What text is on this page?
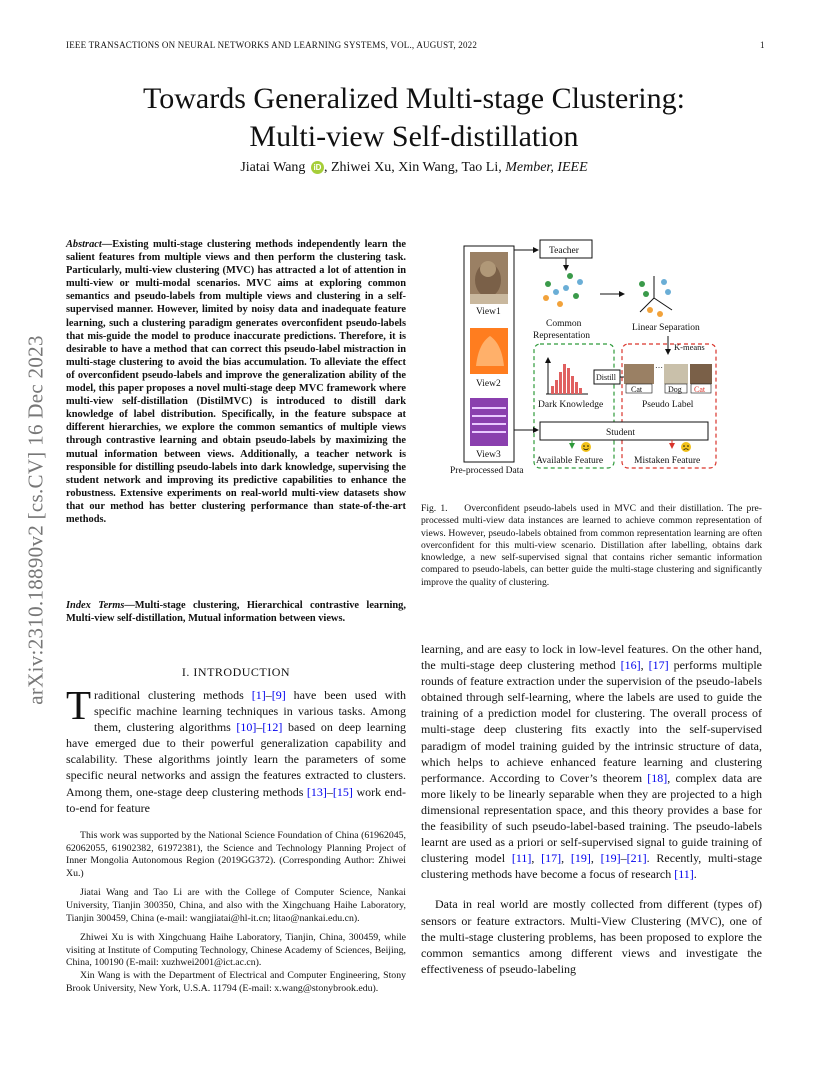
IEEE TRANSACTIONS ON NEURAL NETWORKS AND LEARNING SYSTEMS, VOL., AUGUST, 2022	1
Towards Generalized Multi-stage Clustering:
Multi-view Self-distillation
Jiatai Wang iD , Zhiwei Xu, Xin Wang, Tao Li, Member, IEEE
arXiv:2310.18890v2 [cs.CV] 16 Dec 2023
Abstract—Existing multi-stage clustering methods independently learn the salient features from multiple views and then perform the clustering task. Particularly, multi-view clustering (MVC) has attracted a lot of attention in multi-view or multi-modal scenarios. MVC aims at exploring common semantics and pseudo-labels from multiple views and clustering in a self-supervised manner. However, limited by noisy data and inadequate feature learning, such a clustering paradigm generates overconfident pseudo-labels that mis-guide the model to produce inaccurate predictions. Therefore, it is desirable to have a method that can correct this pseudo-label mistraction in multi-stage clustering to avoid the bias accumulation. To alleviate the effect of overconfident pseudo-labels and improve the generalization ability of the model, this paper proposes a novel multi-stage deep MVC framework where multi-view self-distillation (DistilMVC) is introduced to distill dark knowledge of label distribution. Specifically, in the feature subspace at different hierarchies, we explore the common semantics of multiple views through contrastive learning and obtain pseudo-labels by maximizing the mutual information between views. Additionally, a teacher network is responsible for distilling pseudo-labels into dark knowledge, supervising the student network and improving its predictive capabilities to enhance the robustness. Extensive experiments on real-world multi-view datasets show that our method has better clustering performance than state-of-the-art methods.
Index Terms—Multi-stage clustering, Hierarchical contrastive learning, Multi-view self-distillation, Mutual information between views.
I. INTRODUCTION
Traditional clustering methods [1]–[9] have been used with specific machine learning techniques in various tasks. Among them, clustering algorithms [10]–[12] based on deep learning have emerged due to their powerful generalization capability and scalability. These algorithms jointly learn the parameters of some specific neural networks and assign the features extracted to clusters. Among them, one-stage deep clustering methods [13]–[15] work end-to-end for feature

This work was supported by the National Science Foundation of China (61962045, 62062055, 61902382, 61972381), the Science and Technology Planning Project of Inner Mongolia Autonomous Region (2019GG372). (Corresponding Author: Zhiwei Xu.)

Jiatai Wang and Tao Li are with the College of Computer Science, Nankai University, Tianjin 300350, China, and also with the Xingchuang Haihe Laboratory, Tianjin 300459, China (e-mail: wangjiatai@hl-it.cn; litao@nankai.edu.cn).

Zhiwei Xu is with Xingchuang Haihe Laboratory, Tianjin, China, 300459, while visiting at Institute of Computing Technology, Chinese Academy of Sciences, Beijing, China, 100190 (E-mail: xuzhwei2001@ict.ac.cn).

Xin Wang is with the Department of Electrical and Computer Engineering, Stony Brook University, New York, U.S.A. 11794 (E-mail: x.wang@stonybrook.edu).

View1
View2
View3
Pre-processed Data
Teacher
Common
Representation
Linear Separation
K-means
…
Cat	Dog Cat
Distill
Dark Knowledge	Pseudo Label
Student
Available Feature	Mistaken Feature
Fig. 1. Overconfident pseudo-labels used in MVC and their distillation. The pre-processed multi-view data instances are learned to achieve common representation of views. However, pseudo-labels obtained from common representation learning are often overconfident for this multi-view scenario. Distillation after labelling, obtains dark knowledge, a new self-supervised signal that contains richer semantic information compared to pseudo-labels, can better guide the multi-stage clustering and significantly improve the quality of clustering.

learning, and are easy to lock in low-level features. On the other hand, the multi-stage deep clustering method [16], [17] performs multiple rounds of feature extraction under the supervision of the pseudo-labels obtained through self-learning, where the labels are used to guide the training of a prediction model for clustering. The overall process of multi-stage deep clustering fits exactly into the self-supervised paradigm of model training guided by the intrinsic structure of data, which helps to achieve enhanced feature learning and clustering performance. According to Cover’s theorem [18], complex data are more likely to be linearly separable when they are projected to a high dimensional representation space, and this theory provides a base for the feasibility of such pseudo-label-based training. The pseudo-labels learnt are used as a priori or self-supervised signal to guide training of clustering model [11], [17], [19], [19]–[21]. Recently, multi-stage clustering methods have become a focus of research [11].

Data in real world are mostly collected from different (types of) sensors or feature extractors. Multi-View Clustering (MVC), one of the multi-stage clustering problems, has been proposed to explore the common semantics among different views and investigate the effectiveness of pseudo-labeling
